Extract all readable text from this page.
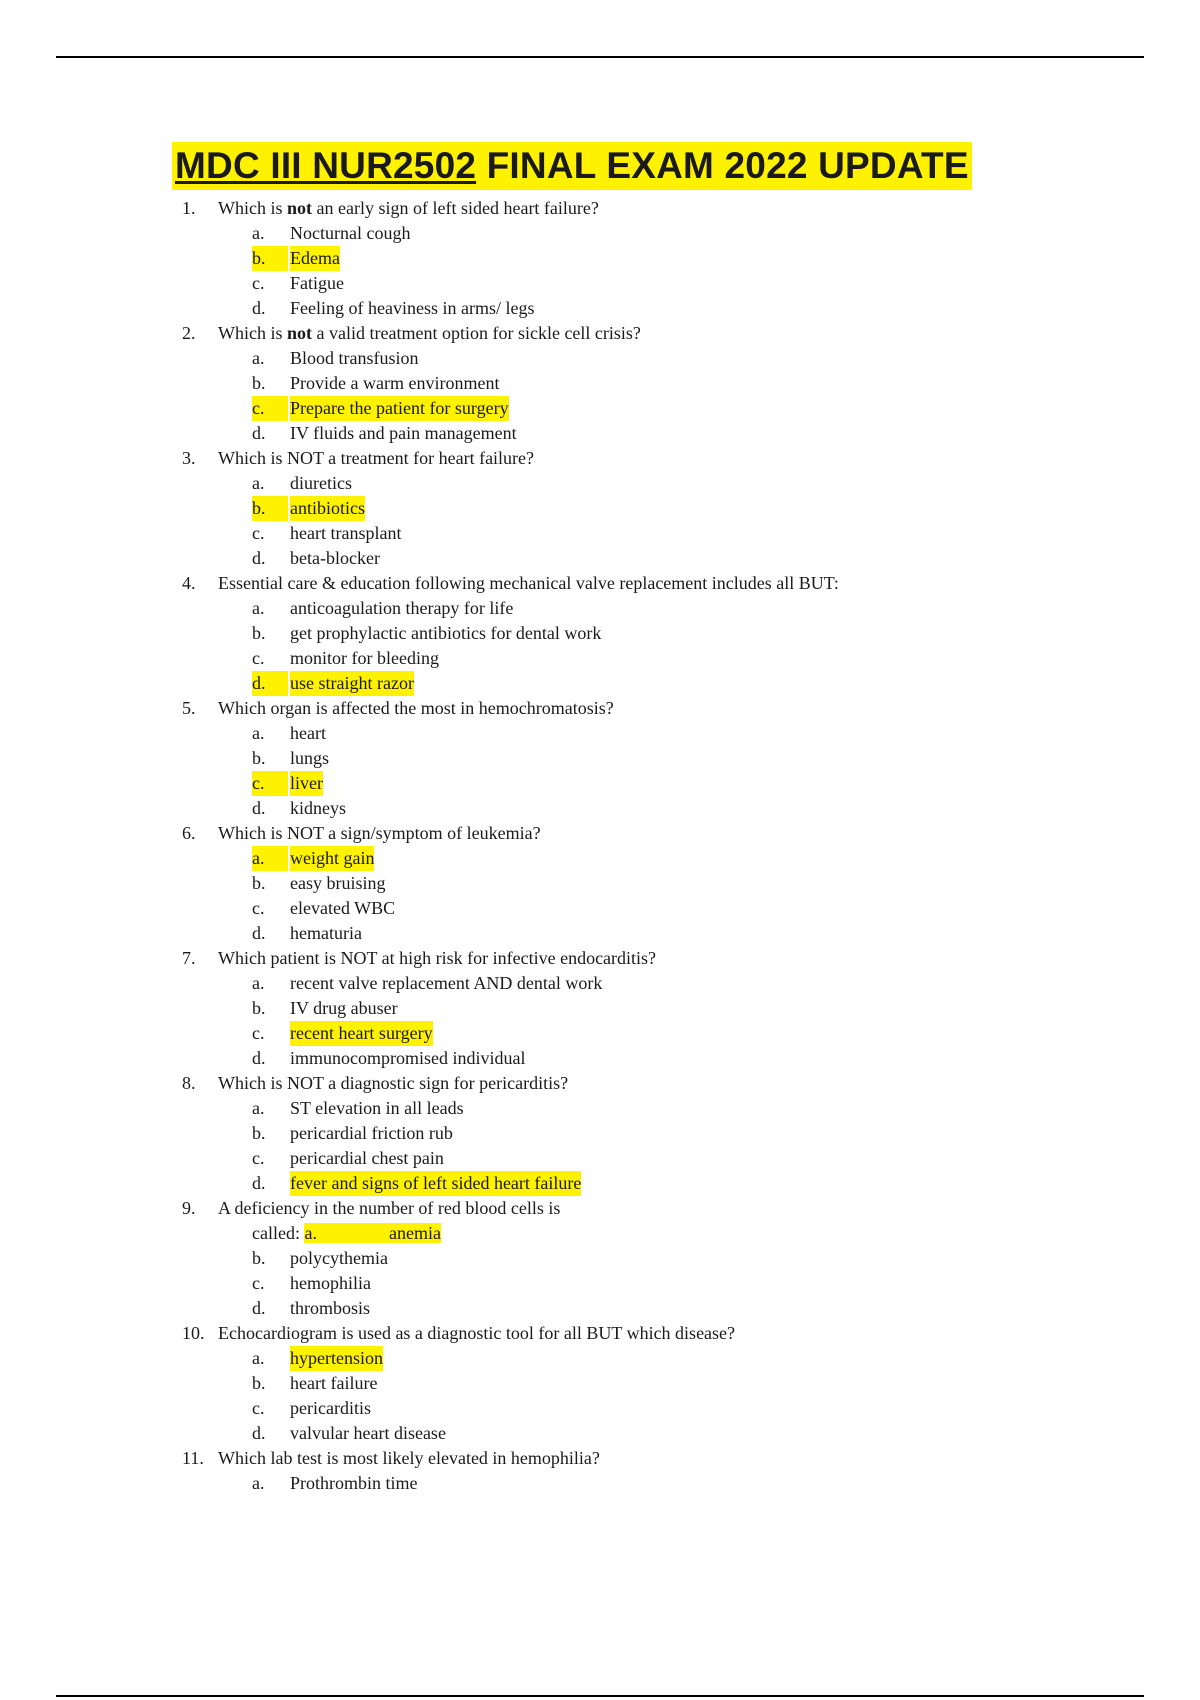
MDC III NUR2502 FINAL EXAM 2022 UPDATE
1. Which is not an early sign of left sided heart failure?
a.	Nocturnal cough
b.	Edema
c.	Fatigue
d.	Feeling of heaviness in arms/ legs
2. Which is not a valid treatment option for sickle cell crisis?
a.	Blood transfusion
b.	Provide a warm environment
c.	Prepare the patient for surgery
d.	IV fluids and pain management
3. Which is NOT a treatment for heart failure?
a.	diuretics
b.	antibiotics
c.	heart transplant
d.	beta-blocker
4. Essential care & education following mechanical valve replacement includes all BUT:
a.	anticoagulation therapy for life
b.	get prophylactic antibiotics for dental work
c.	monitor for bleeding
d.	use straight razor
5. Which organ is affected the most in hemochromatosis?
a.	heart
b.	lungs
c.	liver
d.	kidneys
6. Which is NOT a sign/symptom of leukemia?
a.	weight gain
b.	easy bruising
c.	elevated WBC
d.	hematuria
7. Which patient is NOT at high risk for infective endocarditis?
a.	recent valve replacement AND dental work
b.	IV drug abuser
c.	recent heart surgery
d.	immunocompromised individual
8. Which is NOT a diagnostic sign for pericarditis?
a.	ST elevation in all leads
b.	pericardial friction rub
c.	pericardial chest pain
d.	fever and signs of left sided heart failure
9. A deficiency in the number of red blood cells is
called: a.	anemia
b.	polycythemia
c.	hemophilia
d.	thrombosis
10. Echocardiogram is used as a diagnostic tool for all BUT which disease?
a.	hypertension
b.	heart failure
c.	pericarditis
d.	valvular heart disease
11. Which lab test is most likely elevated in hemophilia?
a.	Prothrombin time
